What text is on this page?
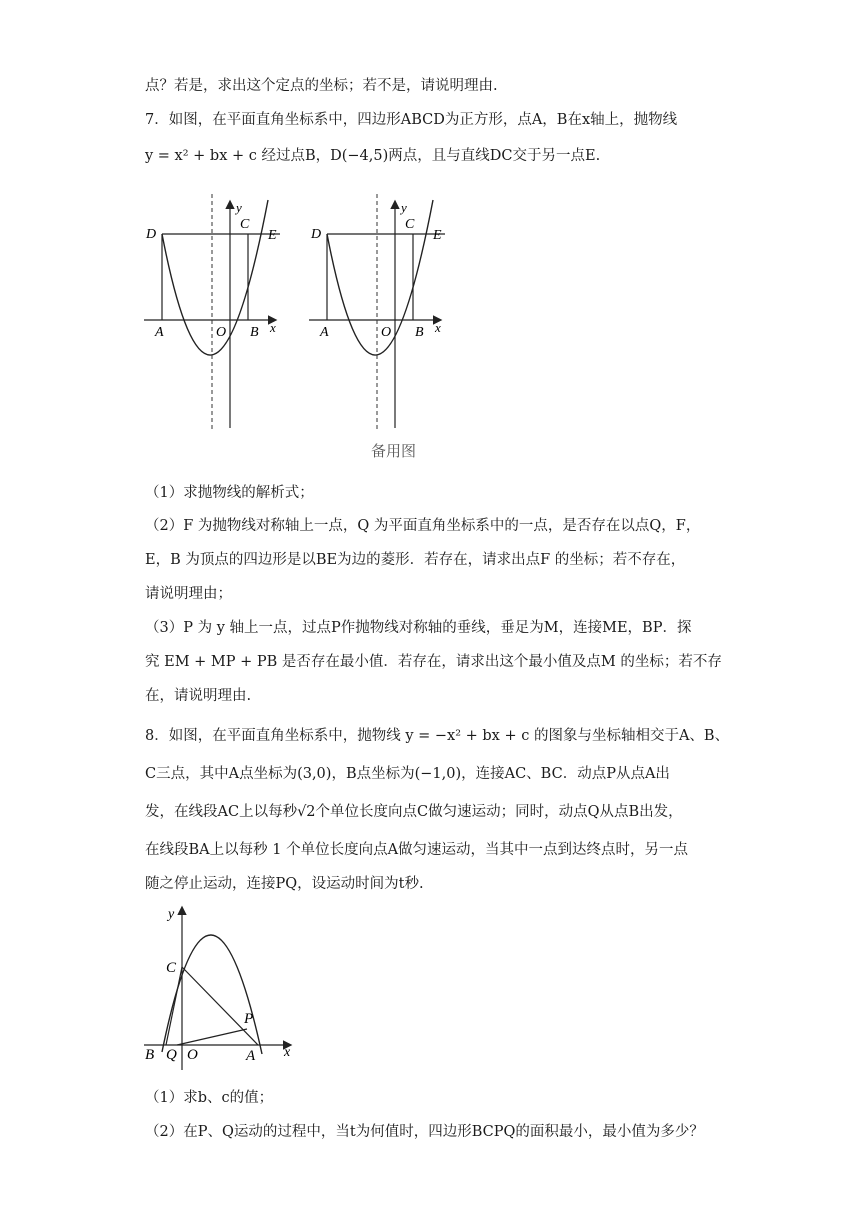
点？若是，求出这个定点的坐标；若不是，请说明理由.
7．如图，在平面直角坐标系中，四边形ABCD为正方形，点A，B在x轴上，抛物线
y = x² + bx + c 经过点B，D(−4,5)两点，且与直线DC交于另一点E.
D
C
E
A	O B x
y
D
C
E
A	O B x
y
备用图
（1）求抛物线的解析式；
（2）F 为抛物线对称轴上一点，Q 为平面直角坐标系中的一点，是否存在以点Q，F，
E，B 为顶点的四边形是以BE为边的菱形．若存在，请求出点F 的坐标；若不存在，
请说明理由；
（3）P 为 y 轴上一点，过点P作抛物线对称轴的垂线，垂足为M，连接ME，BP．探
究 EM + MP + PB 是否存在最小值．若存在，请求出这个最小值及点M 的坐标；若不存
在，请说明理由.
8．如图，在平面直角坐标系中，抛物线 y = −x² + bx + c 的图象与坐标轴相交于A、B、
C三点，其中A点坐标为(3,0)，B点坐标为(−1,0)，连接AC、BC．动点P从点A出
发，在线段AC上以每秒√2个单位长度向点C做匀速运动；同时，动点Q从点B出发，
在线段BA上以每秒 1 个单位长度向点A做匀速运动，当其中一点到达终点时，另一点
随之停止运动，连接PQ，设运动时间为t秒.
y
C
P
B Q O	A x
（1）求b、c的值；
（2）在P、Q运动的过程中，当t为何值时，四边形BCPQ的面积最小，最小值为多少？
